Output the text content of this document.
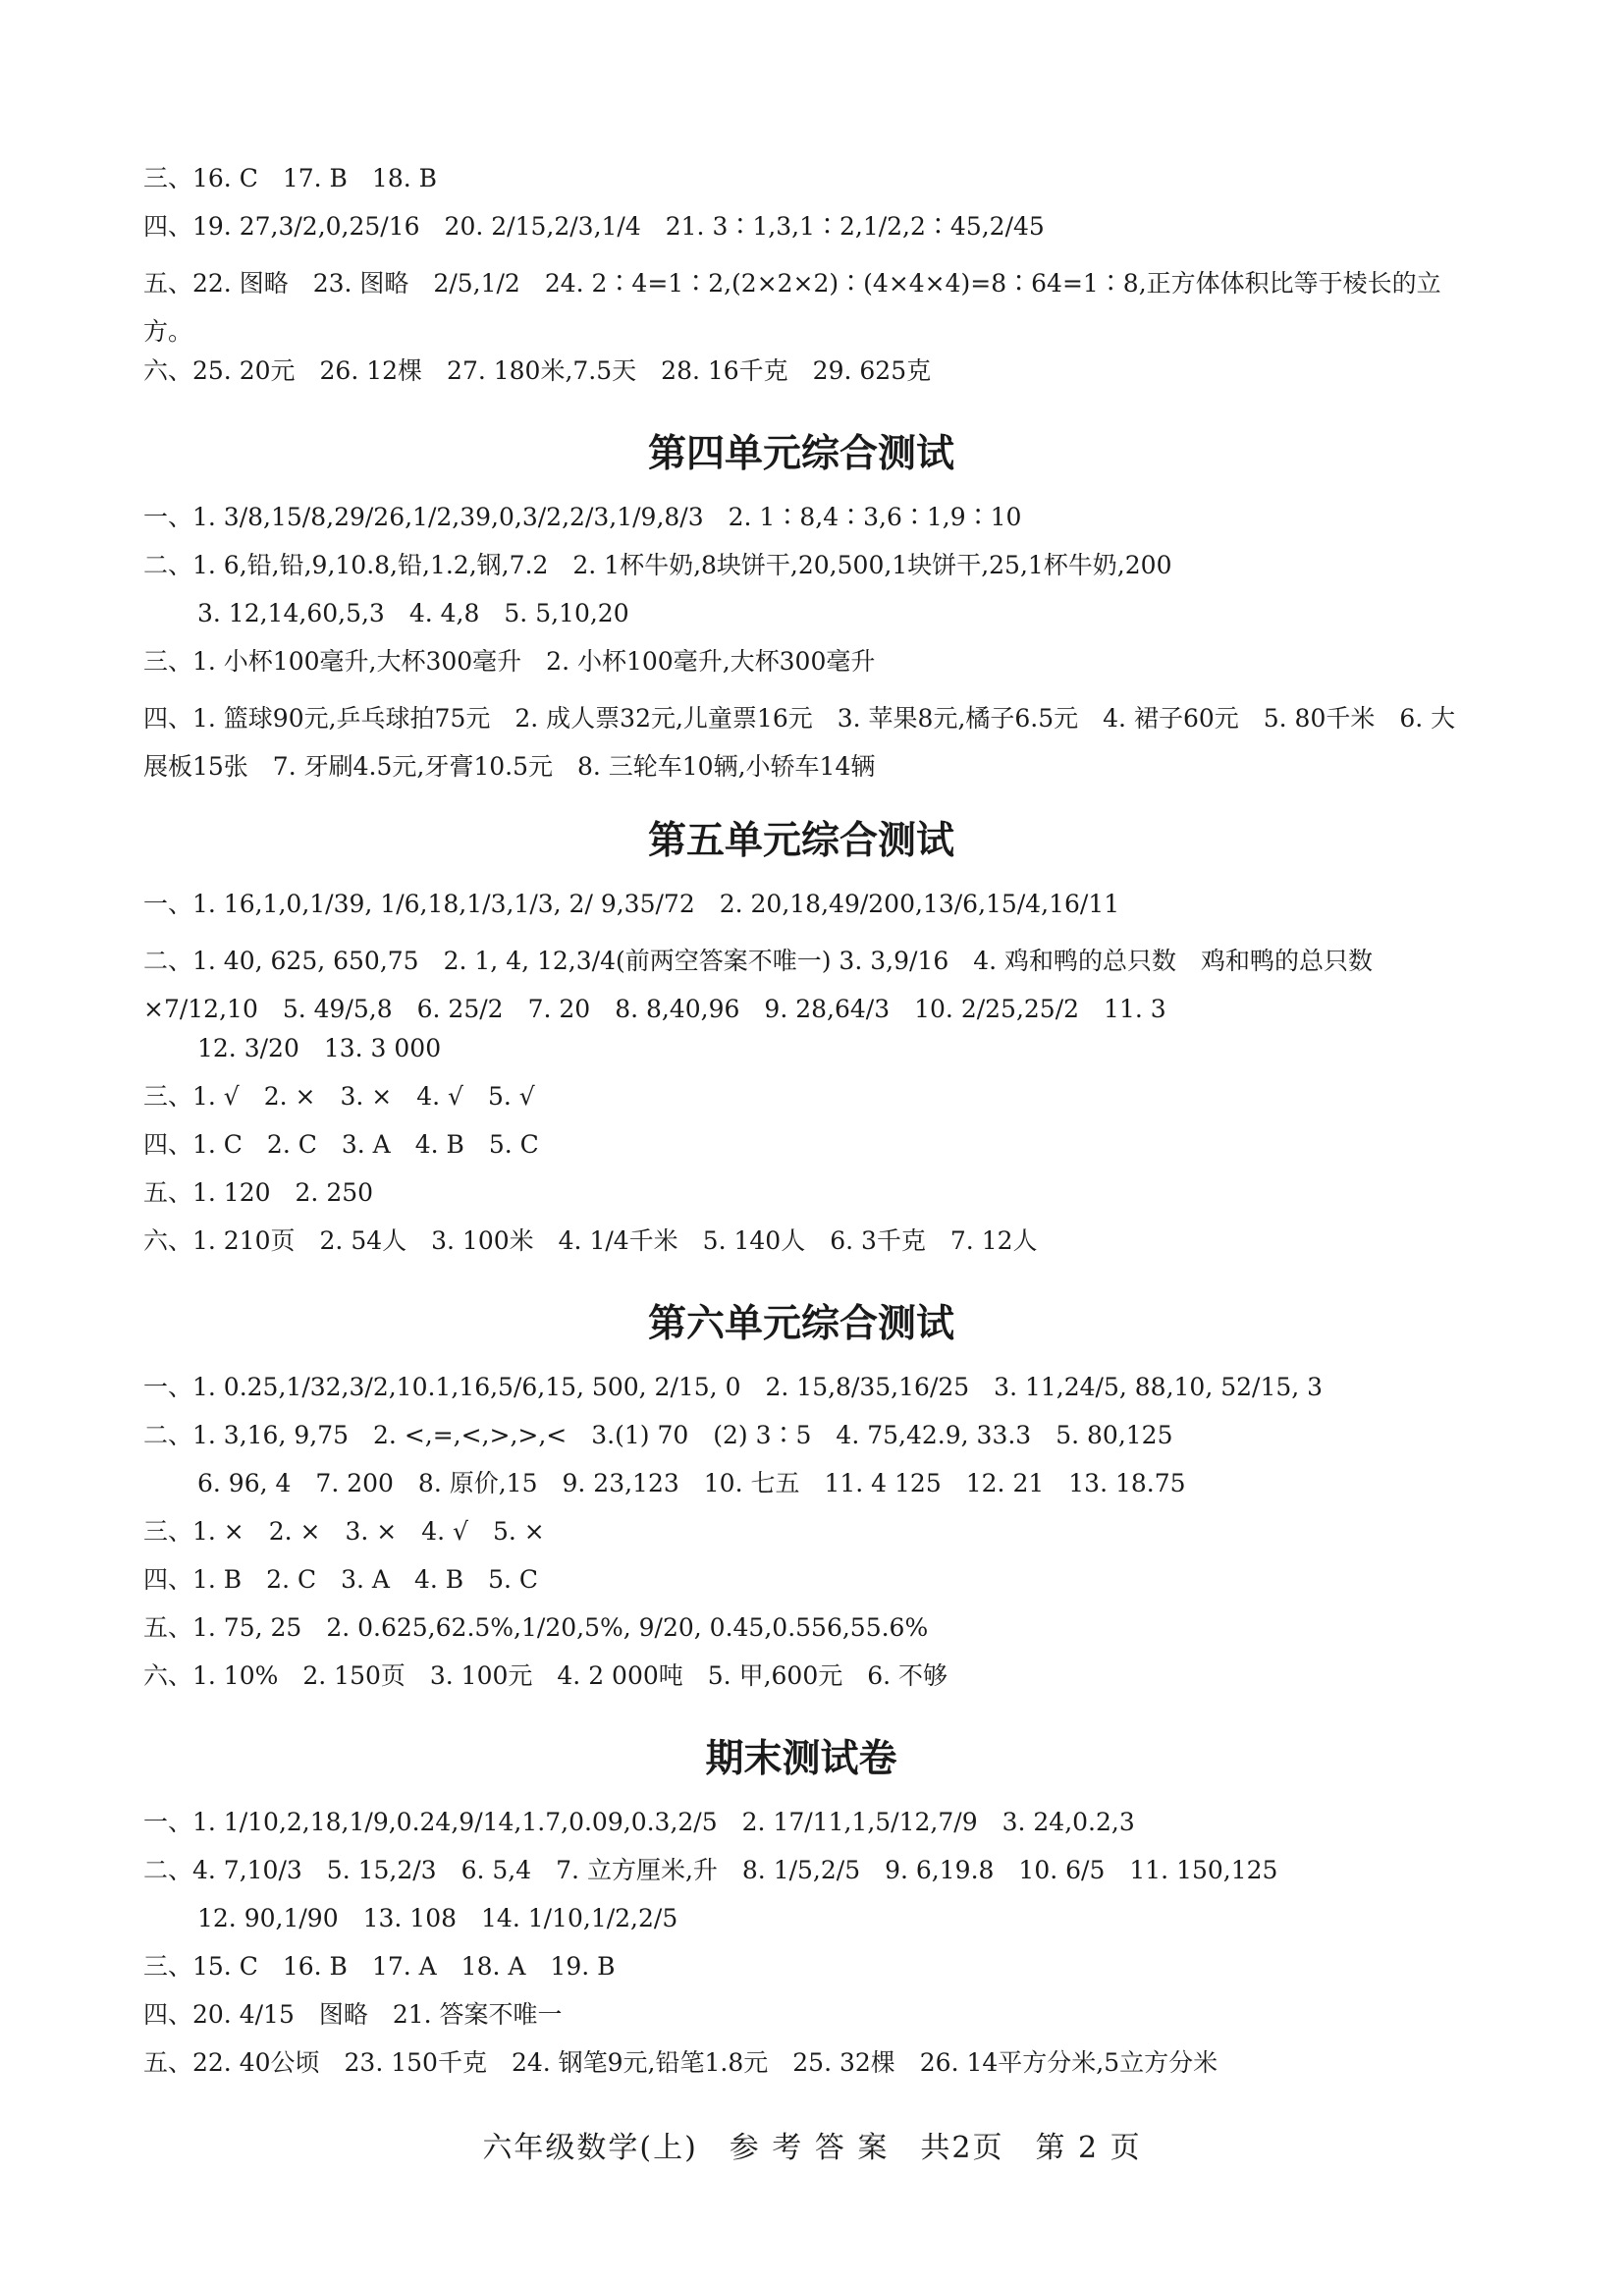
三、16. C　17. B　18. B
四、19. 27,3/2,0,25/16　20. 2/15,2/3,1/4　21. 3∶1,3,1∶2,1/2,2∶45,2/45
五、22. 图略　23. 图略　2/5,1/2　24. 2∶4=1∶2,(2×2×2)∶(4×4×4)=8∶64=1∶8,正方体体积比等于棱长的立方。
六、25. 20元　26. 12棵　27. 180米,7.5天　28. 16千克　29. 625克
第四单元综合测试
一、1. 3/8,15/8,29/26,1/2,39,0,3/2,2/3,1/9,8/3　2. 1∶8,4∶3,6∶1,9∶10
二、1. 6,铅,铅,9,10.8,铅,1.2,钢,7.2　2. 1杯牛奶,8块饼干,20,500,1块饼干,25,1杯牛奶,200
3. 12,14,60,5,3　4. 4,8　5. 5,10,20
三、1. 小杯100毫升,大杯300毫升　2. 小杯100毫升,大杯300毫升
四、1. 篮球90元,乒乓球拍75元　2. 成人票32元,儿童票16元　3. 苹果8元,橘子6.5元　4. 裙子60元　5. 80千米　6. 大展板15张　7. 牙刷4.5元,牙膏10.5元　8. 三轮车10辆,小轿车14辆
第五单元综合测试
一、1. 16,1,0,1/39, 1/6,18,1/3,1/3, 2/ 9,35/72　2. 20,18,49/200,13/6,15/4,16/11
二、1. 40, 625, 650,75　2. 1, 4, 12,3/4(前两空答案不唯一) 3. 3,9/16　4. 鸡和鸭的总只数　鸡和鸭的总只数×7/12,10　5. 49/5,8　6. 25/2　7. 20　8. 8,40,96　9. 28,64/3　10. 2/25,25/2　11. 3
12. 3/20　13. 3 000
三、1. √　2. ×　3. ×　4. √　5. √
四、1. C　2. C　3. A　4. B　5. C
五、1. 120　2. 250
六、1. 210页　2. 54人　3. 100米　4. 1/4千米　5. 140人　6. 3千克　7. 12人
第六单元综合测试
一、1. 0.25,1/32,3/2,10.1,16,5/6,15, 500, 2/15, 0　2. 15,8/35,16/25　3. 11,24/5, 88,10, 52/15, 3
二、1. 3,16, 9,75　2. <,=,<,>,>,<　3.(1) 70　(2) 3∶5　4. 75,42.9, 33.3　5. 80,125
6. 96, 4　7. 200　8. 原价,15　9. 23,123　10. 七五　11. 4 125　12. 21　13. 18.75
三、1. ×　2. ×　3. ×　4. √　5. ×
四、1. B　2. C　3. A　4. B　5. C
五、1. 75, 25　2. 0.625,62.5%,1/20,5%, 9/20, 0.45,0.556,55.6%
六、1. 10%　2. 150页　3. 100元　4. 2 000吨　5. 甲,600元　6. 不够
期末测试卷
一、1. 1/10,2,18,1/9,0.24,9/14,1.7,0.09,0.3,2/5　2. 17/11,1,5/12,7/9　3. 24,0.2,3
二、4. 7,10/3　5. 15,2/3　6. 5,4　7. 立方厘米,升　8. 1/5,2/5　9. 6,19.8　10. 6/5　11. 150,125
12. 90,1/90　13. 108　14. 1/10,1/2,2/5
三、15. C　16. B　17. A　18. A　19. B
四、20. 4/15　图略　21. 答案不唯一
五、22. 40公顷　23. 150千克　24. 钢笔9元,铅笔1.8元　25. 32棵　26. 14平方分米,5立方分米
六年级数学(上)　参 考 答 案　共2页　第 2 页
